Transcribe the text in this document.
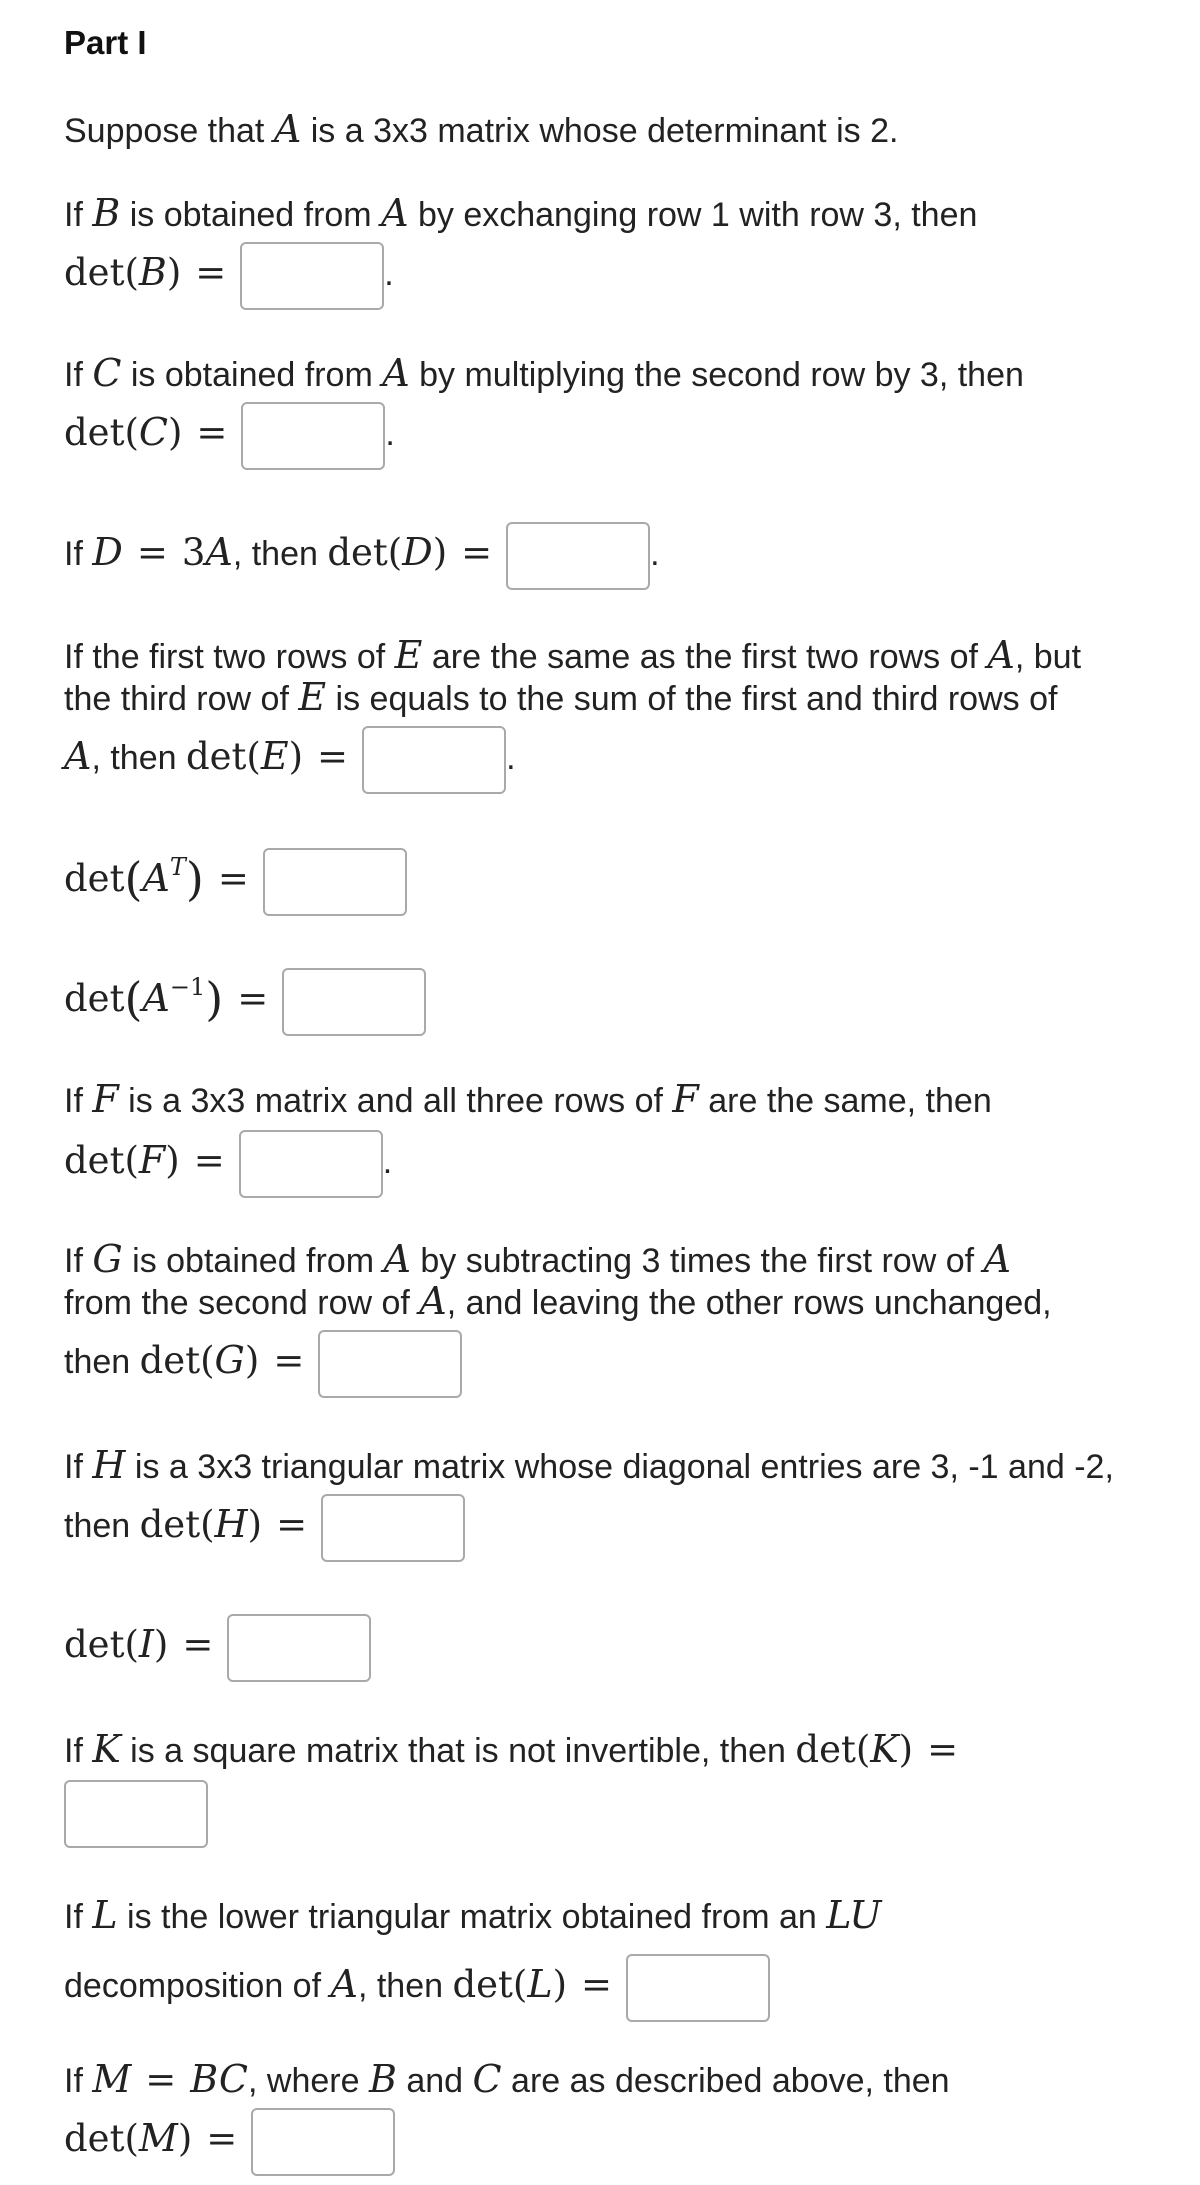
Part I
Suppose that A is a 3x3 matrix whose determinant is 2.
If B is obtained from A by exchanging row 1 with row 3, then
det(B) =	.
If C is obtained from A by multiplying the second row by 3, then
det(C) =	.
If D = 3A, then det(D) =	.
If the first two rows of E are the same as the first two rows of A, but
the third row of E is equals to the sum of the first and third rows of
A, then det(E) =	.
$\det(A^T)$ =
$\det(A^{-1})$ =
If F is a 3x3 matrix and all three rows of F are the same, then
det(F) =	.
If G is obtained from A by subtracting 3 times the first row of A
from the second row of A, and leaving the other rows unchanged,
then det(G) =
If H is a 3x3 triangular matrix whose diagonal entries are 3, -1 and -2,
then det(H) =
det(I) =
If K is a square matrix that is not invertible, then det(K) =
If L is the lower triangular matrix obtained from an LU
decomposition of A, then det(L) =
If M = BC, where B and C are as described above, then
det(M) =
